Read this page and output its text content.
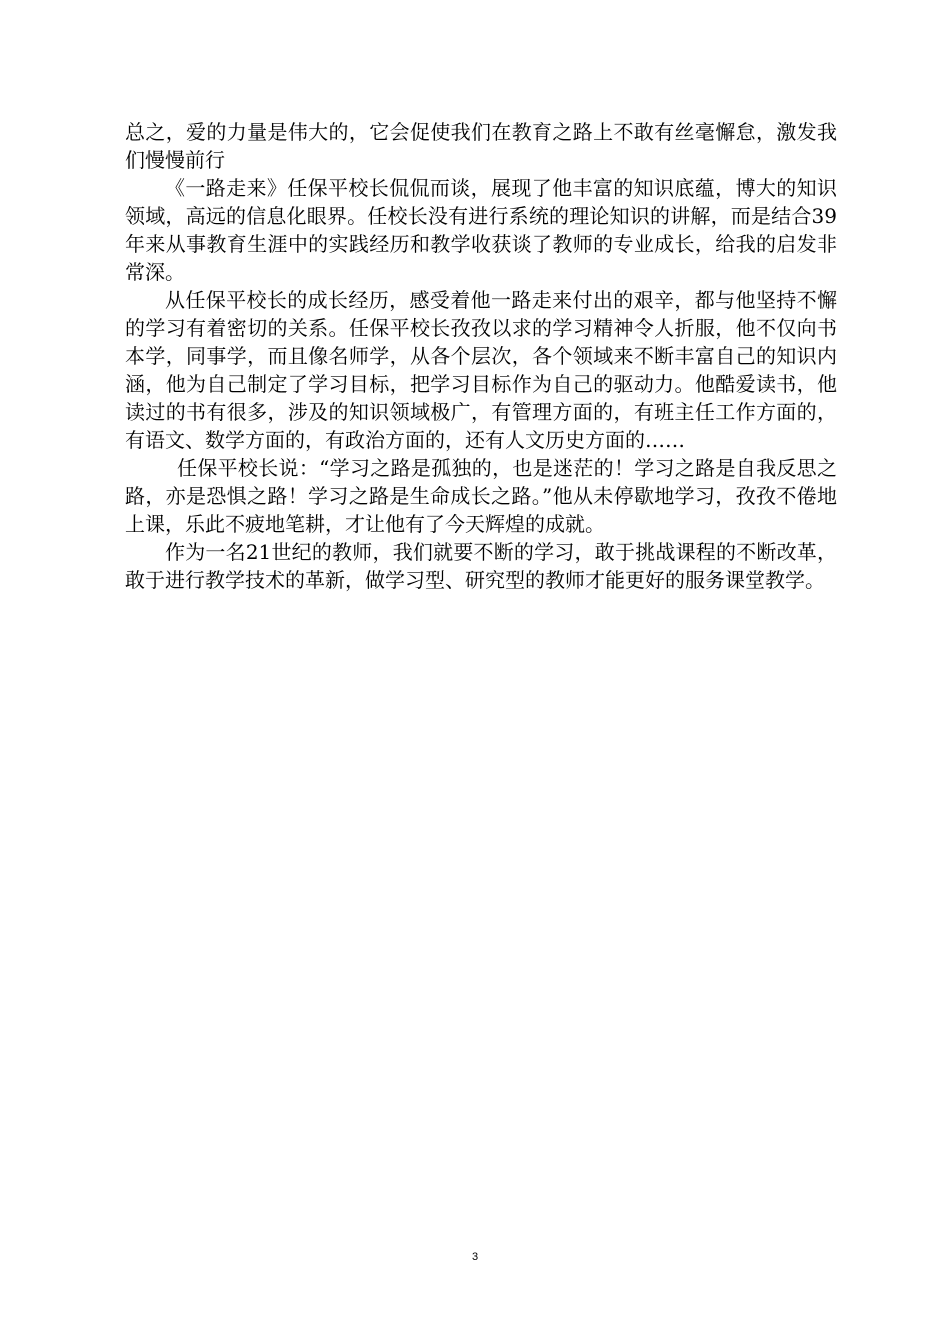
总之，爱的力量是伟大的，它会促使我们在教育之路上不敢有丝毫懈怠，激发我们慢慢前行

《一路走来》任保平校长侃侃而谈，展现了他丰富的知识底蕴，博大的知识领域，高远的信息化眼界。任校长没有进行系统的理论知识的讲解，而是结合39年来从事教育生涯中的实践经历和教学收获谈了教师的专业成长，给我的启发非常深。

从任保平校长的成长经历，感受着他一路走来付出的艰辛，都与他坚持不懈的学习有着密切的关系。任保平校长孜孜以求的学习精神令人折服，他不仅向书本学，同事学，而且像名师学，从各个层次，各个领域来不断丰富自己的知识内涵，他为自己制定了学习目标，把学习目标作为自己的驱动力。他酷爱读书，他读过的书有很多，涉及的知识领域极广，有管理方面的，有班主任工作方面的，有语文、数学方面的，有政治方面的，还有人文历史方面的……

任保平校长说：“学习之路是孤独的，也是迷茫的！学习之路是自我反思之路，亦是恐惧之路！学习之路是生命成长之路。”他从未停歇地学习，孜孜不倦地上课，乐此不疲地笔耕，才让他有了今天辉煌的成就。

作为一名21世纪的教师，我们就要不断的学习，敢于挑战课程的不断改革，敢于进行教学技术的革新，做学习型、研究型的教师才能更好的服务课堂教学。

3
